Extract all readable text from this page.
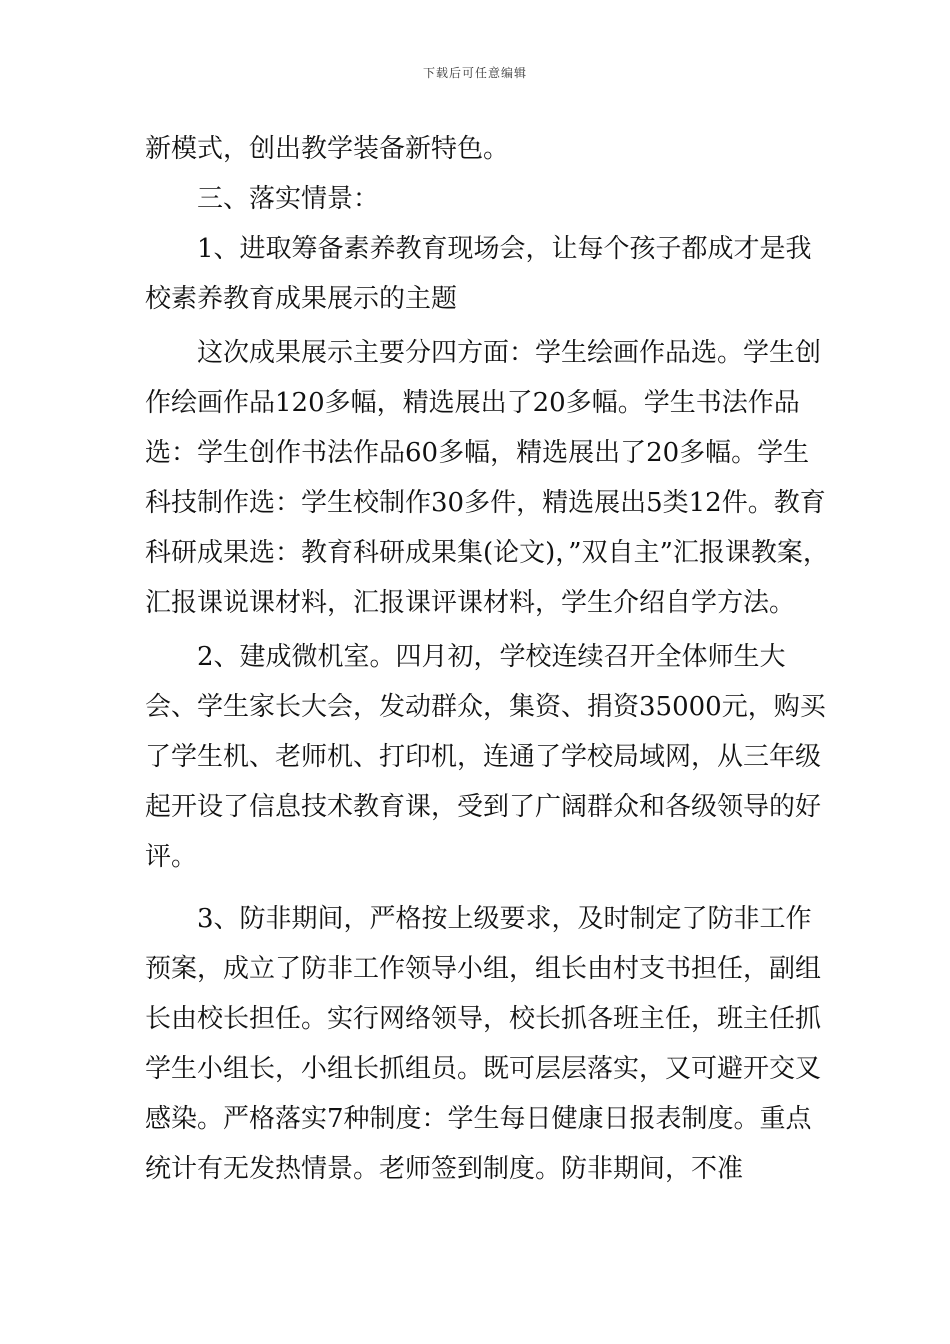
下载后可任意编辑

新模式，创出教学装备新特色。

三、落实情景：

1、进取筹备素养教育现场会，让每个孩子都成才是我校素养教育成果展示的主题

这次成果展示主要分四方面：学生绘画作品选。学生创作绘画作品120多幅，精选展出了20多幅。学生书法作品选：学生创作书法作品60多幅，精选展出了20多幅。学生科技制作选：学生校制作30多件，精选展出5类12件。教育科研成果选：教育科研成果集(论文)，”双自主”汇报课教案，汇报课说课材料，汇报课评课材料，学生介绍自学方法。

2、建成微机室。四月初，学校连续召开全体师生大会、学生家长大会，发动群众，集资、捐资35000元，购买了学生机、老师机、打印机，连通了学校局域网，从三年级起开设了信息技术教育课，受到了广阔群众和各级领导的好评。

3、防非期间，严格按上级要求，及时制定了防非工作预案，成立了防非工作领导小组，组长由村支书担任，副组长由校长担任。实行网络领导，校长抓各班主任，班主任抓学生小组长，小组长抓组员。既可层层落实，又可避开交叉感染。严格落实7种制度：学生每日健康日报表制度。重点统计有无发热情景。老师签到制度。防非期间，不准
